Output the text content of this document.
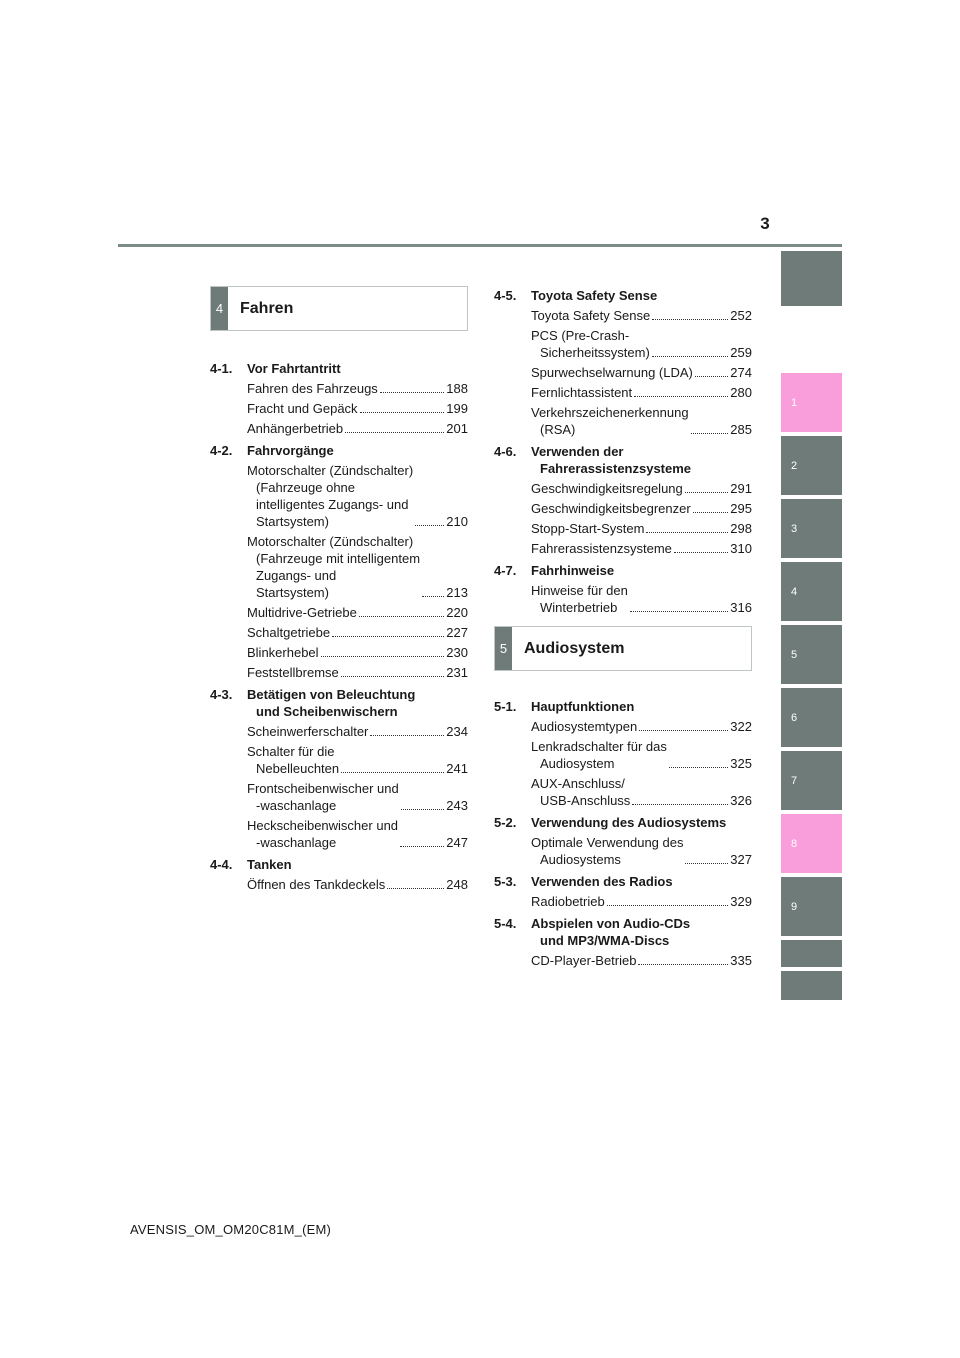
3
1
2
3
4
5
6
7
8
9
4	Fahren
4-1.	Vor Fahrtantritt
Fahren des Fahrzeugs	188
Fracht und Gepäck	199
Anhängerbetrieb	201
4-2.	Fahrvorgänge
Motorschalter (Zündschalter)
(Fahrzeuge ohne
intelligentes Zugangs- und
Startsystem)	210
Motorschalter (Zündschalter)
(Fahrzeuge mit intelligentem
Zugangs- und
Startsystem)	213
Multidrive-Getriebe	220
Schaltgetriebe	227
Blinkerhebel	230
Feststellbremse	231
4-3.	Betätigen von Beleuchtung
und Scheibenwischern
Scheinwerferschalter	234
Schalter für die
Nebelleuchten	241
Frontscheibenwischer und
-waschanlage	243
Heckscheibenwischer und
-waschanlage	247
4-4.	Tanken
Öffnen des Tankdeckels	248
4-5.	Toyota Safety Sense
Toyota Safety Sense	252
PCS (Pre-Crash-
Sicherheitssystem)	259
Spurwechselwarnung (LDA)	274
Fernlichtassistent	280
Verkehrszeichenerkennung
(RSA)	285
4-6.	Verwenden der
Fahrerassistenzsysteme
Geschwindigkeitsregelung	291
Geschwindigkeitsbegrenzer	295
Stopp-Start-System	298
Fahrerassistenzsysteme	310
4-7.	Fahrhinweise
Hinweise für den
Winterbetrieb	316
5	Audiosystem
5-1.	Hauptfunktionen
Audiosystemtypen	322
Lenkradschalter für das
Audiosystem	325
AUX-Anschluss/
USB-Anschluss	326
5-2.	Verwendung des Audiosystems
Optimale Verwendung des
Audiosystems	327
5-3.	Verwenden des Radios
Radiobetrieb	329
5-4.	Abspielen von Audio-CDs
und MP3/WMA-Discs
CD-Player-Betrieb	335
AVENSIS_OM_OM20C81M_(EM)
